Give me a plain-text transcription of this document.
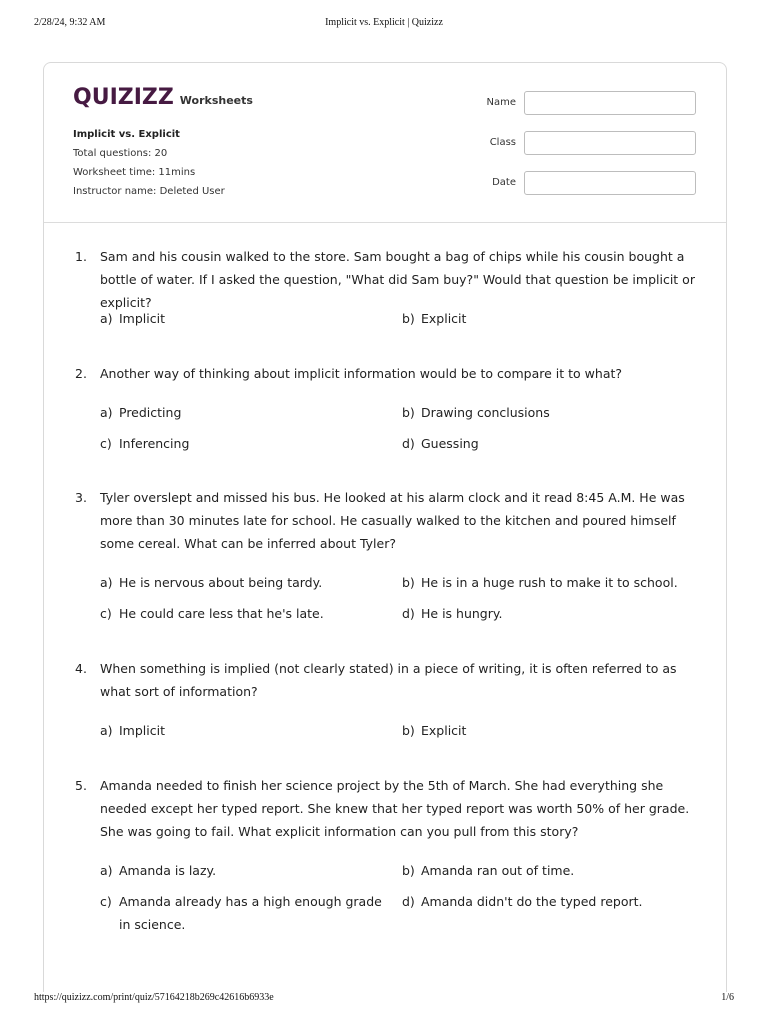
2/28/24, 9:32 AM	Implicit vs. Explicit | Quizizz
QUIZIZZ Worksheets
Implicit vs. Explicit
Total questions: 20
Worksheet time: 11mins
Instructor name: Deleted User
Name
Class
Date
1. Sam and his cousin walked to the store. Sam bought a bag of chips while his cousin bought a bottle of water. If I asked the question, "What did Sam buy?" Would that question be implicit or explicit?
a) Implicit	b) Explicit
2. Another way of thinking about implicit information would be to compare it to what?
a) Predicting	b) Drawing conclusions
c) Inferencing	d) Guessing
3. Tyler overslept and missed his bus. He looked at his alarm clock and it read 8:45 A.M. He was more than 30 minutes late for school. He casually walked to the kitchen and poured himself some cereal. What can be inferred about Tyler?
a) He is nervous about being tardy.	b) He is in a huge rush to make it to school.
c) He could care less that he's late.	d) He is hungry.
4. When something is implied (not clearly stated) in a piece of writing, it is often referred to as what sort of information?
a) Implicit	b) Explicit
5. Amanda needed to finish her science project by the 5th of March. She had everything she needed except her typed report. She knew that her typed report was worth 50% of her grade. She was going to fail. What explicit information can you pull from this story?
a) Amanda is lazy.	b) Amanda ran out of time.
c) Amanda already has a high enough grade in science.
d) Amanda didn't do the typed report.
https://quizizz.com/print/quiz/57164218b269c42616b6933e	1/6
